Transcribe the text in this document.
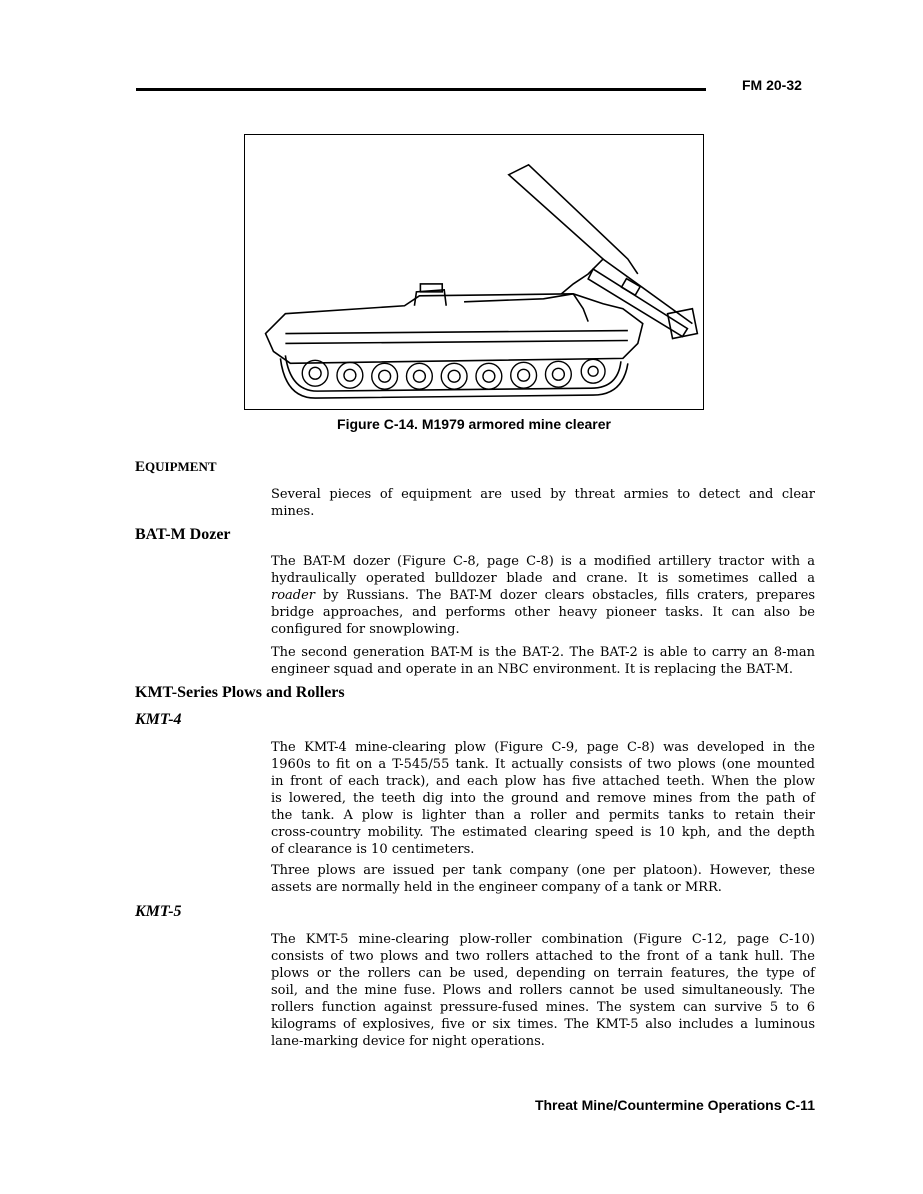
FM 20-32
Figure C-14. M1979 armored mine clearer
EQUIPMENT

Several pieces of equipment are used by threat armies to detect and clear
mines.

BAT-M Dozer

The BAT-M dozer (Figure C-8, page C-8) is a modified artillery tractor with a
hydraulically operated bulldozer blade and crane. It is sometimes called a
roader by Russians. The BAT-M dozer clears obstacles, fills craters, prepares
bridge approaches, and performs other heavy pioneer tasks. It can also be
configured for snowplowing.

The second generation BAT-M is the BAT-2. The BAT-2 is able to carry an 8-man
engineer squad and operate in an NBC environment. It is replacing the BAT-M.

KMT-Series Plows and Rollers
KMT-4

The KMT-4 mine-clearing plow (Figure C-9, page C-8) was developed in the
1960s to fit on a T-545/55 tank. It actually consists of two plows (one mounted
in front of each track), and each plow has five attached teeth. When the plow
is lowered, the teeth dig into the ground and remove mines from the path of
the tank. A plow is lighter than a roller and permits tanks to retain their
cross-country mobility. The estimated clearing speed is 10 kph, and the depth
of clearance is 10 centimeters.

Three plows are issued per tank company (one per platoon). However, these
assets are normally held in the engineer company of a tank or MRR.

KMT-5

The KMT-5 mine-clearing plow-roller combination (Figure C-12, page C-10)
consists of two plows and two rollers attached to the front of a tank hull. The
plows or the rollers can be used, depending on terrain features, the type of
soil, and the mine fuse. Plows and rollers cannot be used simultaneously. The
rollers function against pressure-fused mines. The system can survive 5 to 6
kilograms of explosives, five or six times. The KMT-5 also includes a luminous
lane-marking device for night operations.

Threat Mine/Countermine Operations C-11
